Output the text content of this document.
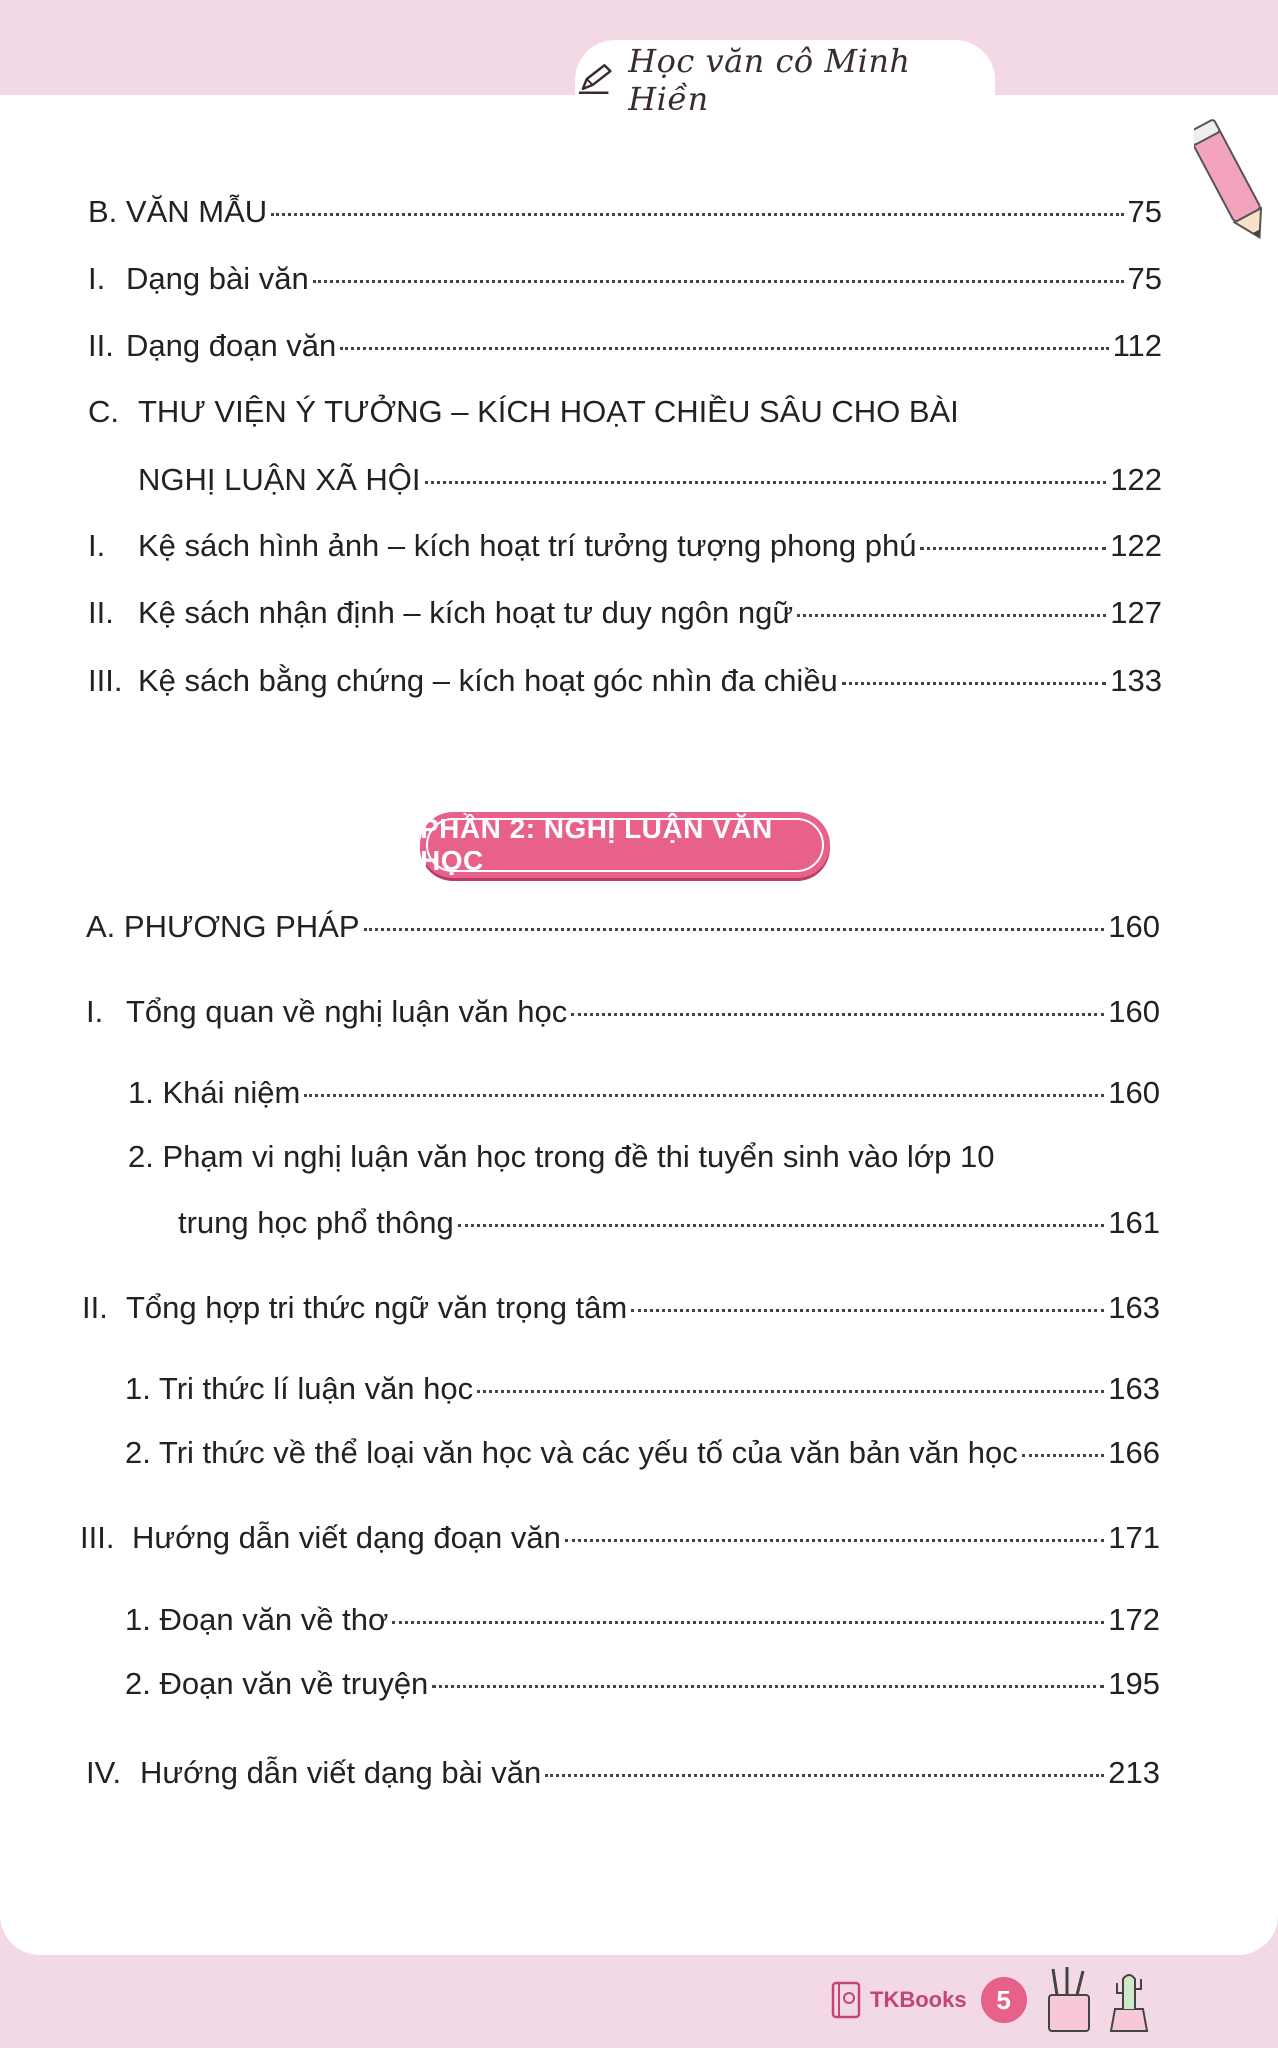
Học văn cô Minh Hiền
B. VĂN MẪU	75
I. Dạng bài văn	75
II. Dạng đoạn văn	112
C. THƯ VIỆN Ý TƯỞNG – KÍCH HOẠT CHIỀU SÂU CHO BÀI
NGHỊ LUẬN XÃ HỘI	122
I.	Kệ sách hình ảnh – kích hoạt trí tưởng tượng phong phú	122
II. Kệ sách nhận định – kích hoạt tư duy ngôn ngữ	127
III. Kệ sách bằng chứng – kích hoạt góc nhìn đa chiều	133
PHẦN 2: NGHỊ LUẬN VĂN HỌC
A. PHƯƠNG PHÁP	160
I. Tổng quan về nghị luận văn học	160
1. Khái niệm	160
2. Phạm vi nghị luận văn học trong đề thi tuyển sinh vào lớp 10
trung học phổ thông	161
II. Tổng hợp tri thức ngữ văn trọng tâm	163
1. Tri thức lí luận văn học	163
2. Tri thức về thể loại văn học và các yếu tố của văn bản văn học	166
III. Hướng dẫn viết dạng đoạn văn	171
1. Đoạn văn về thơ	172
2. Đoạn văn về truyện	195
IV. Hướng dẫn viết dạng bài văn	213
TKBooks 5
